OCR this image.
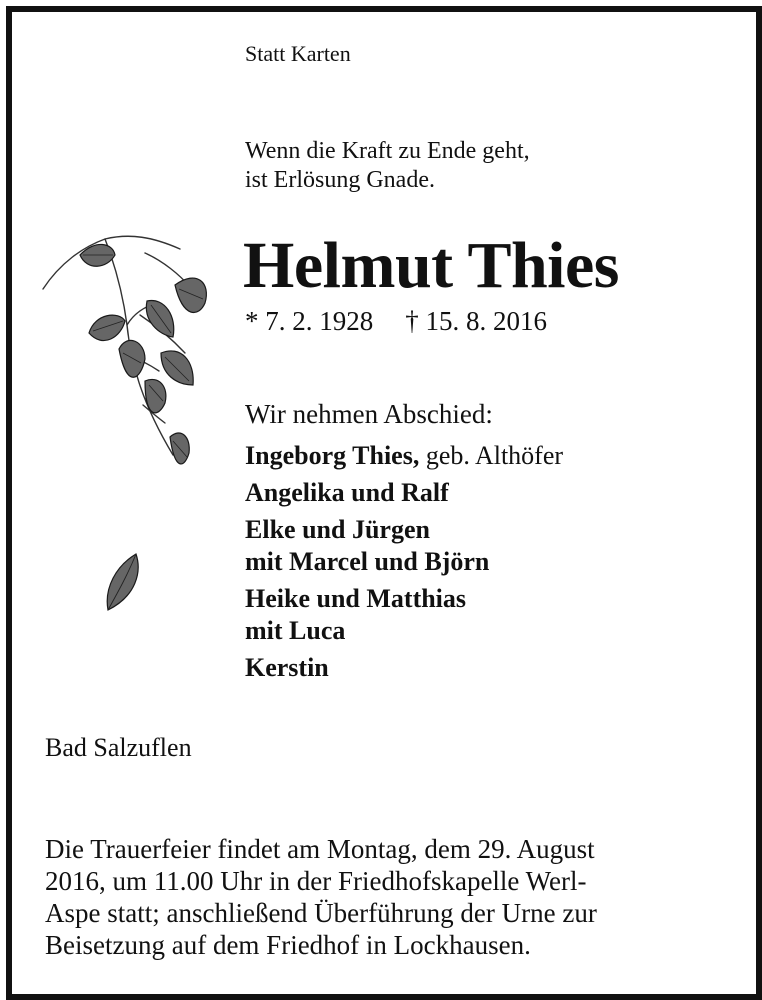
Statt Karten

Wenn die Kraft zu Ende geht,
ist Erlösung Gnade.
Helmut Thies

* 7. 2. 1928 † 15. 8. 2016

Wir nehmen Abschied:

Ingeborg Thies, geb. Althöfer
Angelika und Ralf
Elke und Jürgen
mit Marcel und Björn
Heike und Matthias
mit Luca
Kerstin

Bad Salzuflen

Die Trauerfeier findet am Montag, dem 29. August
2016, um 11.00 Uhr in der Friedhofskapelle Werl-
Aspe statt; anschließend Überführung der Urne zur
Beisetzung auf dem Friedhof in Lockhausen.
